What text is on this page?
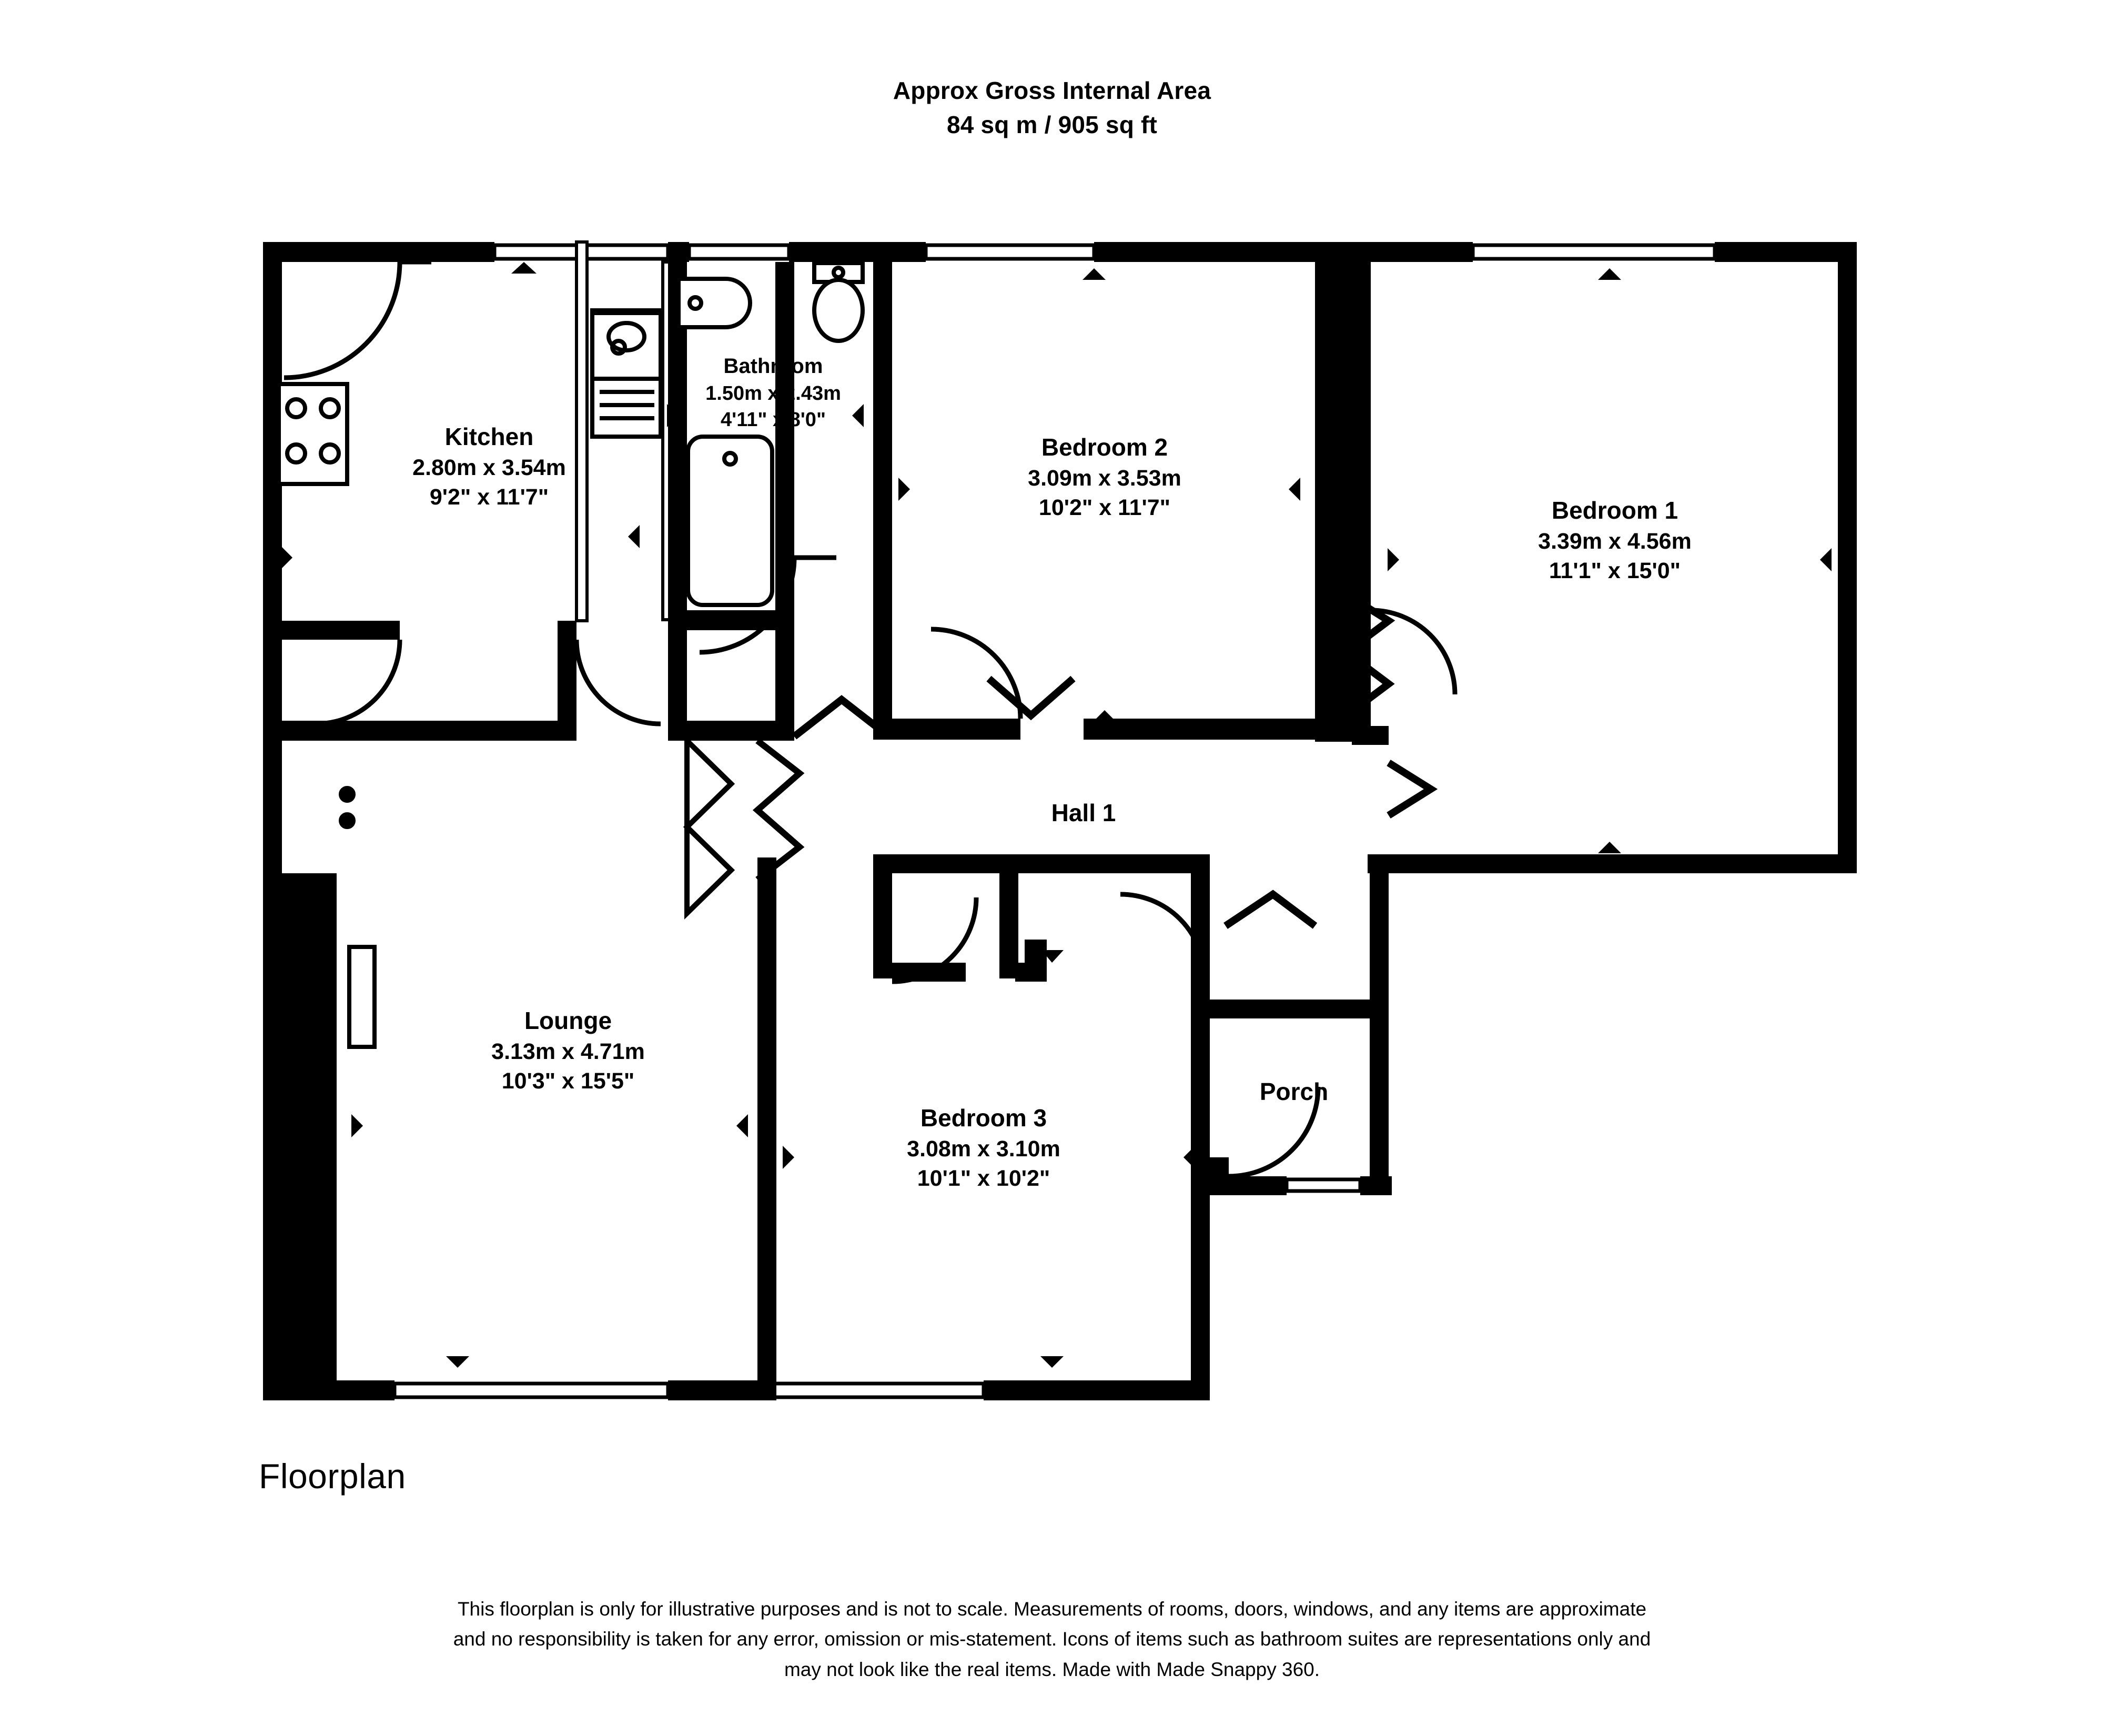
Approx Gross Internal Area
84 sq m / 905 sq ft
Kitchen
2.80m x 3.54m
9'2" x 11'7"
Bathroom
1.50m x 2.43m
4'11" x 8'0"
Bedroom 2
3.09m x 3.53m
10'2" x 11'7"	Bedroom 1
3.39m x 4.56m
11'1" x 15'0"
Hall 1
Lounge
3.13m x 4.71m
10'3" x 15'5"
Bedroom 3
3.08m x 3.10m
10'1" x 10'2"
Porch
Floorplan
This floorplan is only for illustrative purposes and is not to scale. Measurements of rooms, doors, windows, and any items are approximate
and no responsibility is taken for any error, omission or mis-statement. Icons of items such as bathroom suites are representations only and
may not look like the real items. Made with Made Snappy 360.
